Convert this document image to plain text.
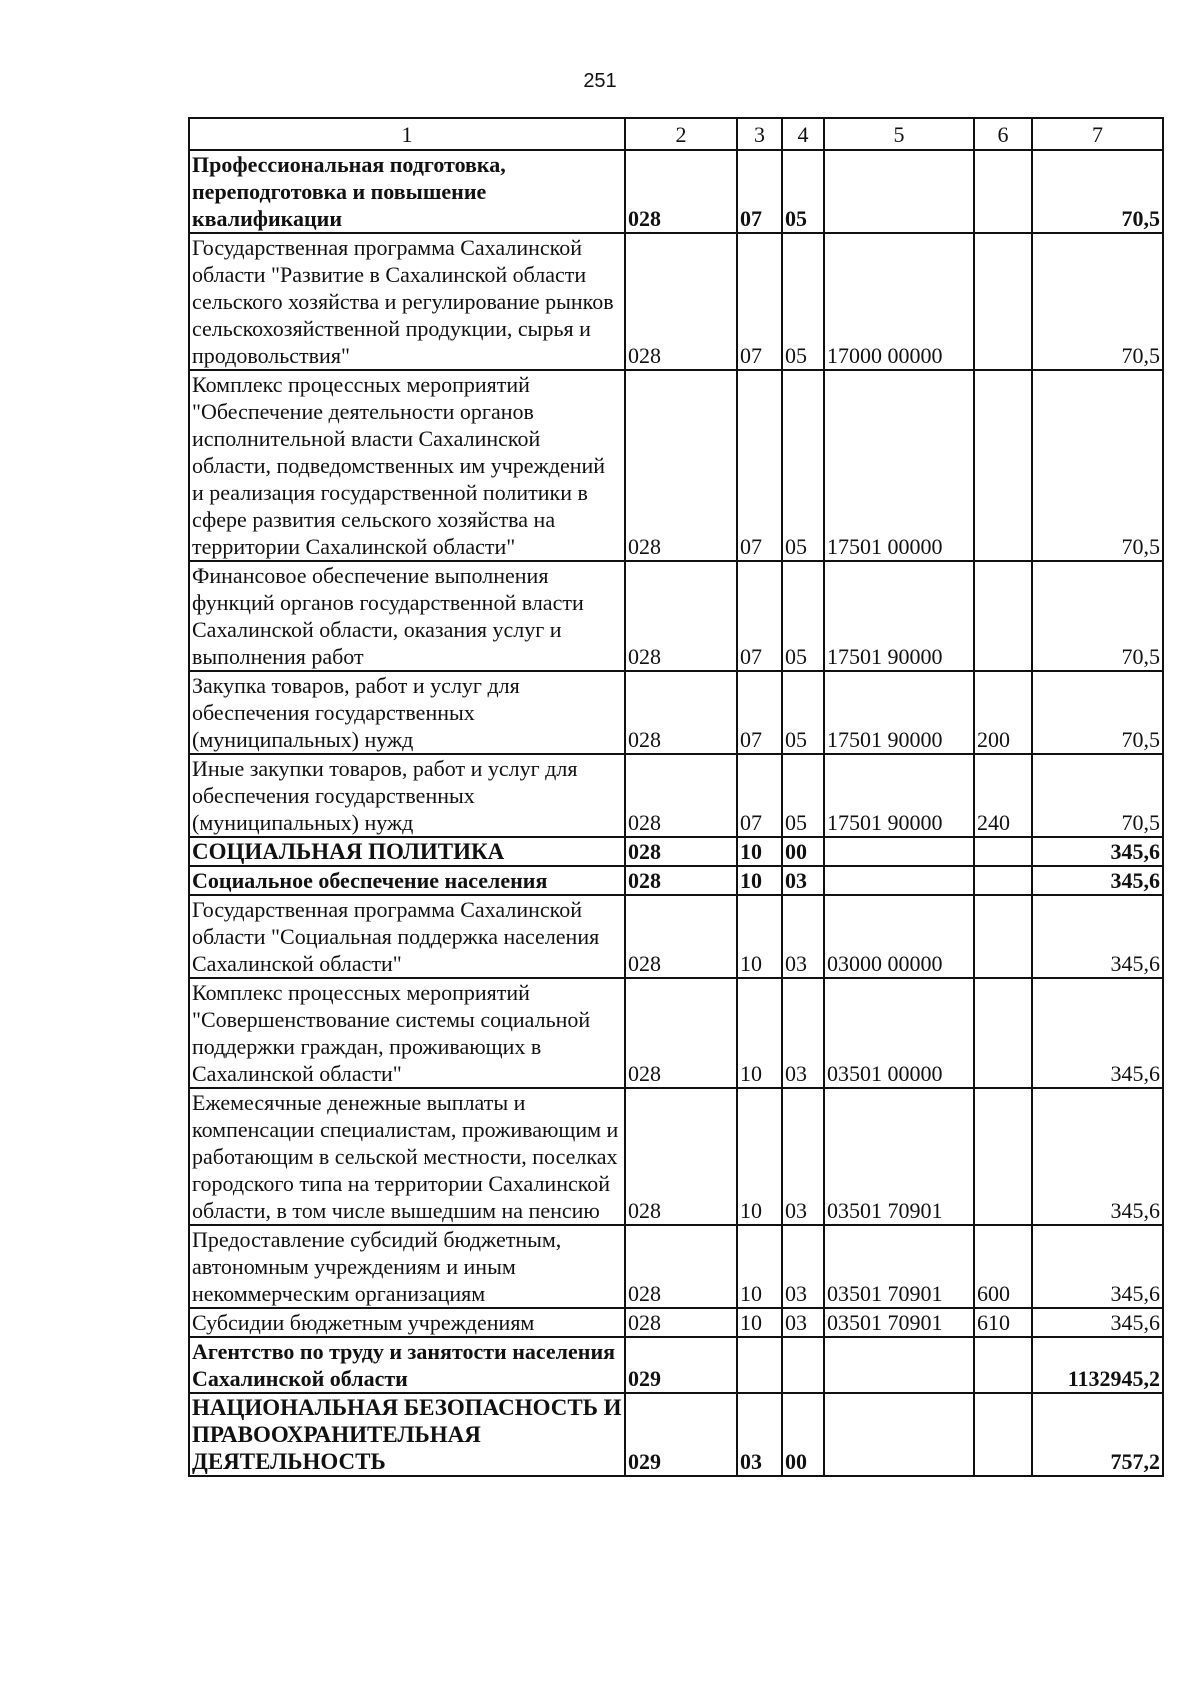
251
1	2	3	4	5	6	7
Профессиональная подготовка, переподготовка и повышение квалификации	028	07	05			70,5
Государственная программа Сахалинской области "Развитие в Сахалинской области сельского хозяйства и регулирование рынков сельскохозяйственной продукции, сырья и продовольствия"	028	07	05	17000 00000		70,5
Комплекс процессных мероприятий "Обеспечение деятельности органов исполнительной власти Сахалинской области, подведомственных им учреждений и реализация государственной политики в сфере развития сельского хозяйства на территории Сахалинской области"	028	07	05	17501 00000		70,5
Финансовое обеспечение выполнения функций органов государственной власти Сахалинской области, оказания услуг и выполнения работ	028	07	05	17501 90000		70,5
Закупка товаров, работ и услуг для обеспечения государственных (муниципальных) нужд	028	07	05	17501 90000	200	70,5
Иные закупки товаров, работ и услуг для обеспечения государственных (муниципальных) нужд	028	07	05	17501 90000	240	70,5
СОЦИАЛЬНАЯ ПОЛИТИКА	028	10	00			345,6
Социальное обеспечение населения	028	10	03			345,6
Государственная программа Сахалинской области "Социальная поддержка населения Сахалинской области"	028	10	03	03000 00000		345,6
Комплекс процессных мероприятий "Совершенствование системы социальной поддержки граждан, проживающих в Сахалинской области"	028	10	03	03501 00000		345,6
Ежемесячные денежные выплаты и компенсации специалистам, проживающим и работающим в сельской местности, поселках городского типа на территории Сахалинской области, в том числе вышедшим на пенсию	028	10	03	03501 70901		345,6
Предоставление субсидий бюджетным, автономным учреждениям и иным некоммерческим организациям	028	10	03	03501 70901	600	345,6
Субсидии бюджетным учреждениям	028	10	03	03501 70901	610	345,6
Агентство по труду и занятости населения Сахалинской области	029					1132945,2
НАЦИОНАЛЬНАЯ БЕЗОПАСНОСТЬ И ПРАВООХРАНИТЕЛЬНАЯ ДЕЯТЕЛЬНОСТЬ	029	03	00			757,2
